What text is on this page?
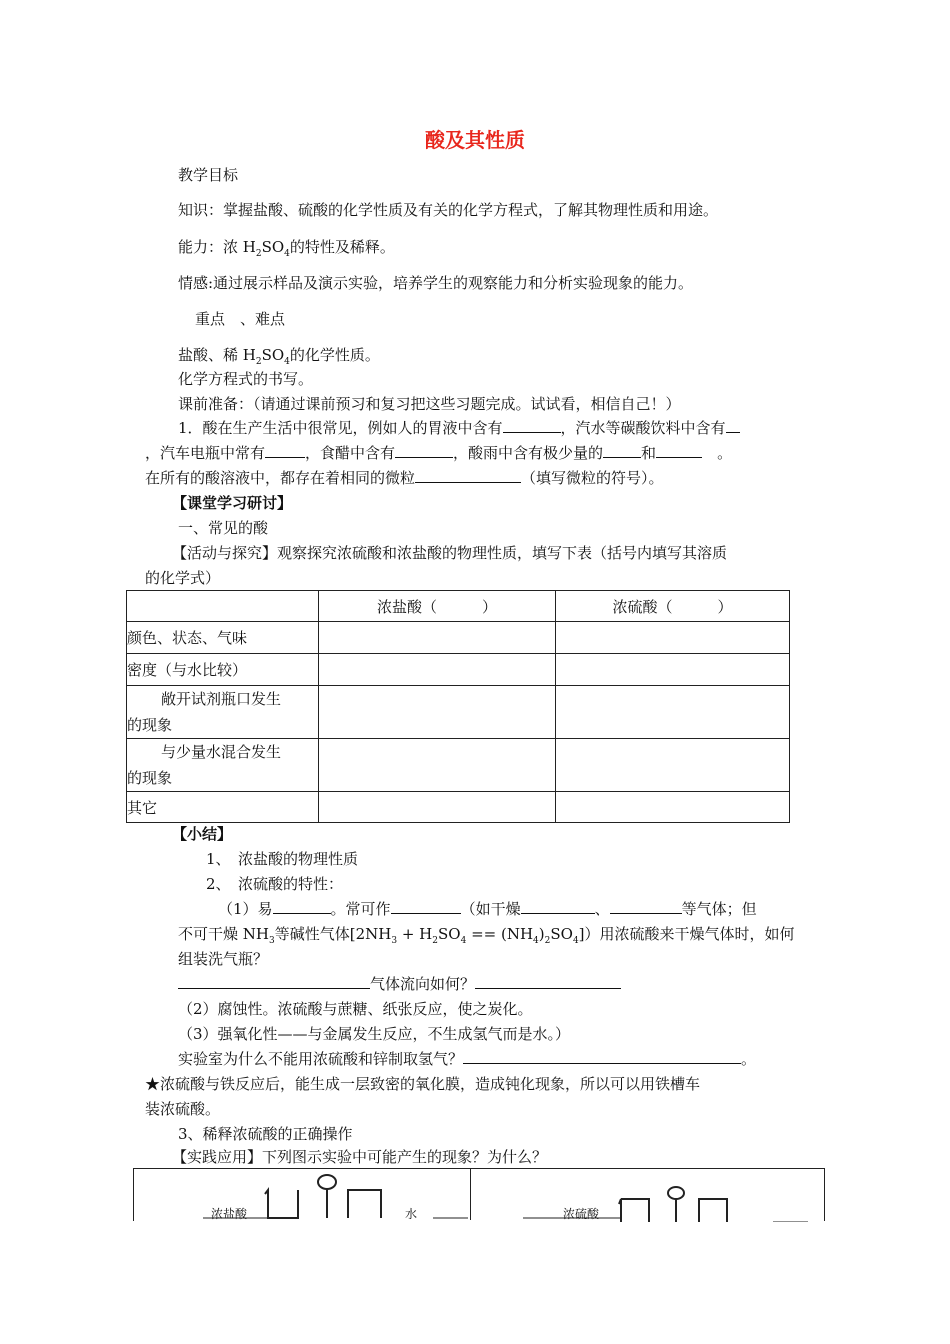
酸及其性质
教学目标
知识：掌握盐酸、硫酸的化学性质及有关的化学方程式，了解其物理性质和用途。
能力：浓 $H_2SO_4$的特性及稀释。
情感:通过展示样品及演示实验，培养学生的观察能力和分析实验现象的能力。
重点　、难点
盐酸、稀 $H_2SO_4$的化学性质。
化学方程式的书写。
课前准备：（请通过课前预习和复习把这些习题完成。试试看，相信自己！）
1．酸在生产生活中很常见，例如人的胃液中含有	，汽水等碳酸饮料中含有
，汽车电瓶中常有	，食醋中含有	，酸雨中含有极少量的	和　	。
在所有的酸溶液中，都存在着相同的微粒	（填写微粒的符号）。
【课堂学习研讨】
一、常见的酸
【活动与探究】观察探究浓硫酸和浓盐酸的物理性质，填写下表（括号内填写其溶质
的化学式）
	浓盐酸（　　　）	浓硫酸（　　　）
颜色、状态、气味		
密度（与水比较）		

敞开试剂瓶口发生
的现象		

与少量水混合发生
的现象		

其它		
【小结】
1、　浓盐酸的物理性质
2、　浓硫酸的特性：
（1）易	。常可作	（如干燥	、	等气体；但
不可干燥 $NH_3$等碱性气体$[2NH_3 + H_2SO_4 == (NH_4)_2SO_4]$）用浓硫酸来干燥气体时，如何
组装洗气瓶？
气体流向如何？
（2）腐蚀性。浓硫酸与蔗糖、纸张反应，使之炭化。
（3）强氧化性——与金属发生反应，不生成氢气而是水。）
实验室为什么不能用浓硫酸和锌制取氢气？	。
★浓硫酸与铁反应后，能生成一层致密的氧化膜，造成钝化现象，所以可以用铁槽车
装浓硫酸。
3、稀释浓硫酸的正确操作
【实践应用】下列图示实验中可能产生的现象？为什么？
浓盐酸	水	浓硫酸
